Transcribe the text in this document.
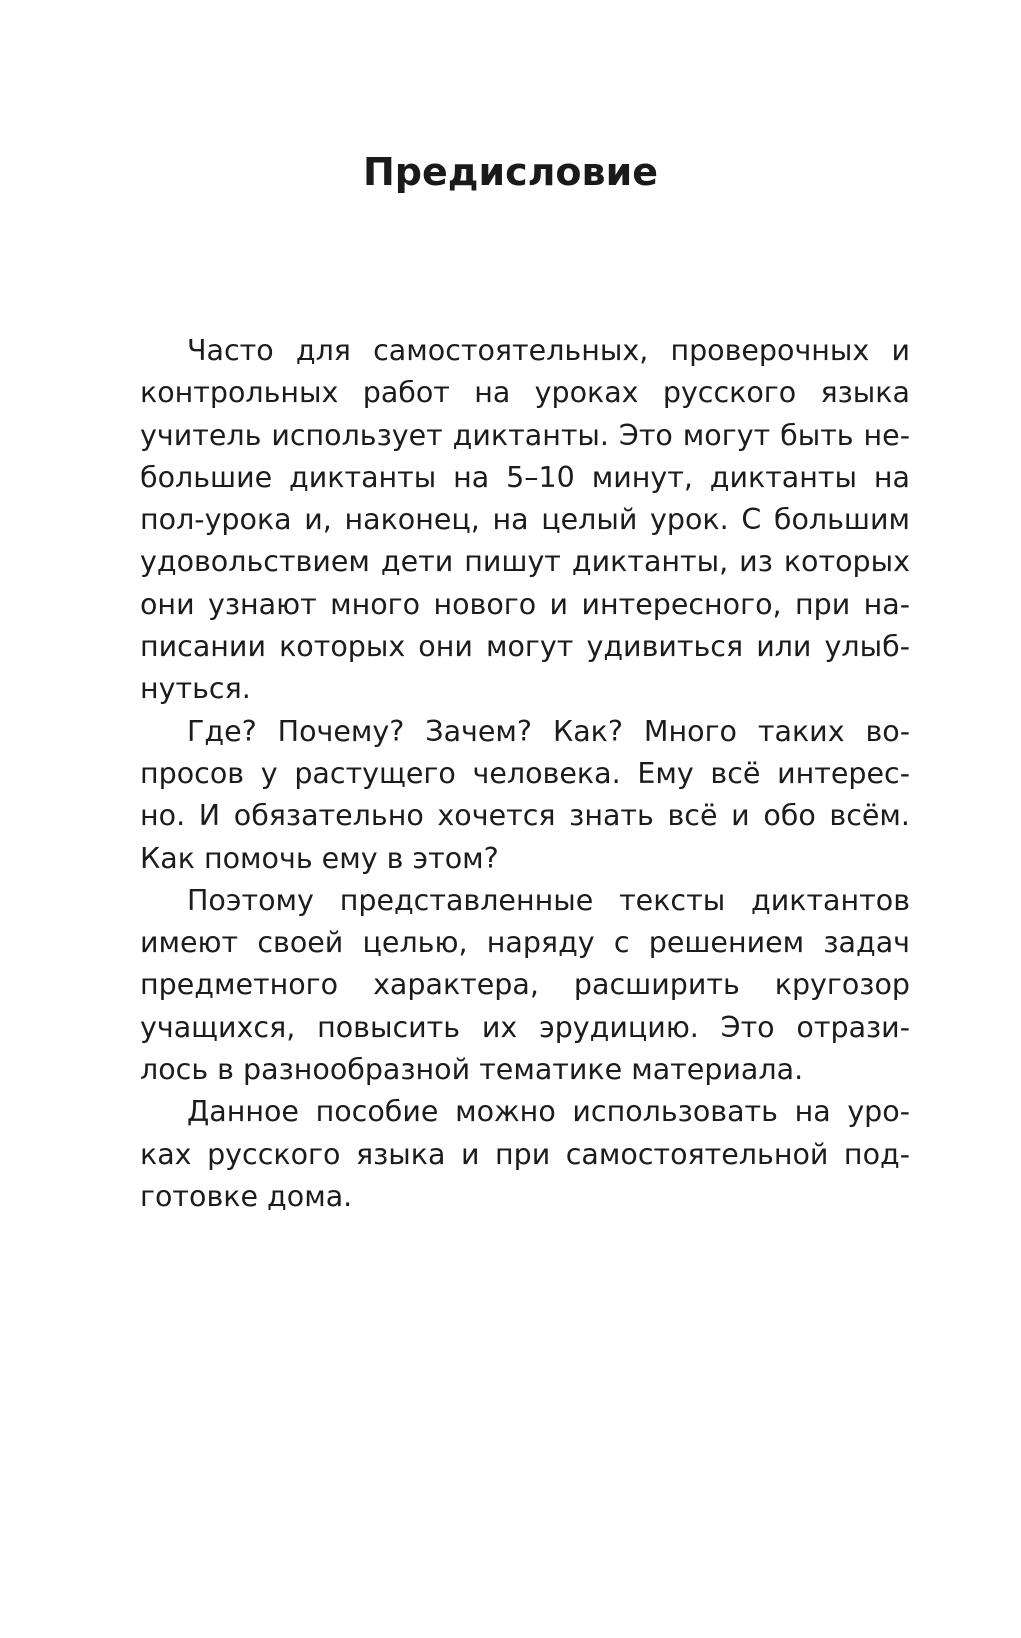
Предисловие
Часто для самостоятельных, проверочных и
контрольных работ на уроках русского языка
учитель использует диктанты. Это могут быть не-
большие диктанты на 5–10 минут, диктанты на
пол-урока и, наконец, на целый урок. С большим
удовольствием дети пишут диктанты, из которых
они узнают много нового и интересного, при на-
писании которых они могут удивиться или улыб-
нуться.
Где? Почему? Зачем? Как? Много таких во-
просов у растущего человека. Ему всё интерес-
но. И обязательно хочется знать всё и обо всём.
Как помочь ему в этом?
Поэтому представленные тексты диктантов
имеют своей целью, наряду с решением задач
предметного характера, расширить кругозор
учащихся, повысить их эрудицию. Это отрази-
лось в разнообразной тематике материала.
Данное пособие можно использовать на уро-
ках русского языка и при самостоятельной под-
готовке дома.
